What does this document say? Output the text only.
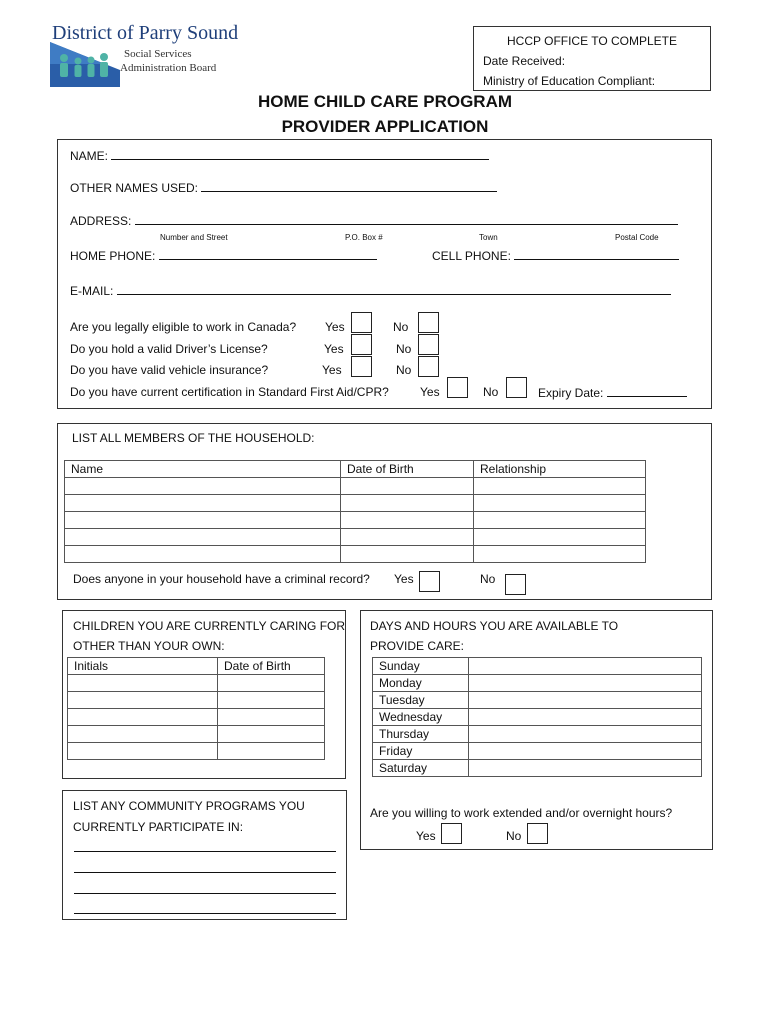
District of Parry Sound
Social Services
Administration Board
HCCP OFFICE TO COMPLETE
Date Received:
Ministry of Education Compliant:
HOME CHILD CARE PROGRAM
PROVIDER APPLICATION
NAME:
OTHER NAMES USED:
ADDRESS:
Number and Street	P.O. Box #	Town	Postal Code
HOME PHONE:	CELL PHONE:
E-MAIL:
Are you legally eligible to work in Canada? Yes	No
Do you hold a valid Driver’s License?	Yes	No
Do you have valid vehicle insurance?	Yes	No
Do you have current certification in Standard First Aid/CPR?	Yes	No	Expiry Date:
LIST ALL MEMBERS OF THE HOUSEHOLD:
Name	Date of Birth	Relationship

Does anyone in your household have a criminal record? Yes	No
CHILDREN YOU ARE CURRENTLY CARING FOR
OTHER THAN YOUR OWN:
Initials	Date of Birth

DAYS AND HOURS YOU ARE AVAILABLE TO
PROVIDE CARE:
Sunday	
Monday	
Tuesday	
Wednesday	
Thursday	
Friday	
Saturday	
Are you willing to work extended and/or overnight hours?
Yes	No
LIST ANY COMMUNITY PROGRAMS YOU
CURRENTLY PARTICIPATE IN:
